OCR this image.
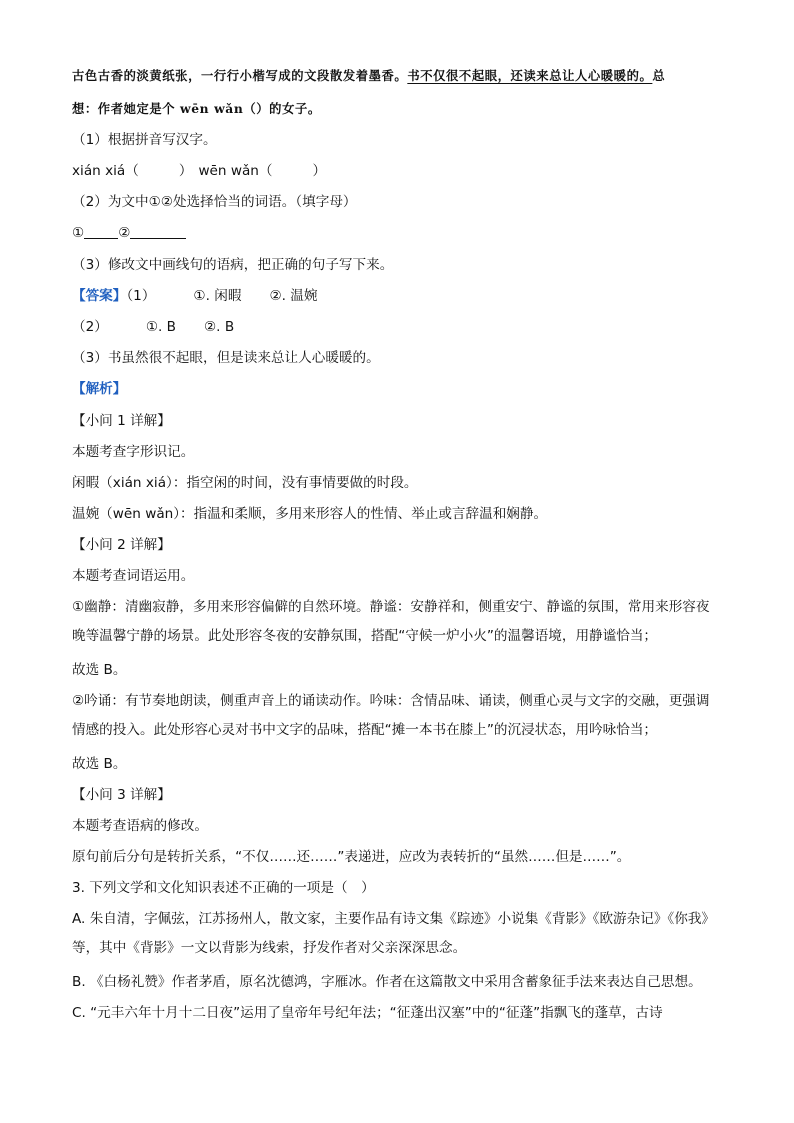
古色古香的淡黄纸张，一行行小楷写成的文段散发着墨香。书不仅很不起眼，还读来总让人心暖暖的。总
想：作者她定是个 wēn wǎn（）的女子。
（1）根据拼音写汉字。
xián xiá（	） wēn wǎn（	）
（2）为文中①②处选择恰当的词语。（填字母）
①	②
（3）修改文中画线句的语病，把正确的句子写下来。
【答案】（1）	①. 闲暇 ②. 温婉
（2）	①. B ②. B
（3）书虽然很不起眼，但是读来总让人心暖暖的。
【解析】
【小问 1 详解】
本题考查字形识记。
闲暇（xián xiá）：指空闲的时间，没有事情要做的时段。
温婉（wēn wǎn）：指温和柔顺，多用来形容人的性情、举止或言辞温和娴静。
【小问 2 详解】
本题考查词语运用。
①幽静：清幽寂静，多用来形容偏僻的自然环境。静谧：安静祥和，侧重安宁、静谧的氛围，常用来形容夜晚等温馨宁静的场景。此处形容冬夜的安静氛围，搭配“守候一炉小火”的温馨语境，用静谧恰当；
故选 B。
②吟诵：有节奏地朗读，侧重声音上的诵读动作。吟味：含情品味、诵读，侧重心灵与文字的交融，更强调情感的投入。此处形容心灵对书中文字的品味，搭配“摊一本书在膝上”的沉浸状态，用吟咏恰当；
故选 B。
【小问 3 详解】
本题考查语病的修改。
原句前后分句是转折关系，“不仅……还……”表递进，应改为表转折的“虽然……但是……”。
3. 下列文学和文化知识表述不正确的一项是（　）
A. 朱自清，字佩弦，江苏扬州人，散文家，主要作品有诗文集《踪迹》小说集《背影》《欧游杂记》《你我》等，其中《背影》一文以背影为线索，抒发作者对父亲深深思念。
B. 《白杨礼赞》作者茅盾，原名沈德鸿，字雁冰。作者在这篇散文中采用含蓄象征手法来表达自己思想。
C. “元丰六年十月十二日夜”运用了皇帝年号纪年法；“征蓬出汉塞”中的“征蓬”指飘飞的蓬草，古诗
